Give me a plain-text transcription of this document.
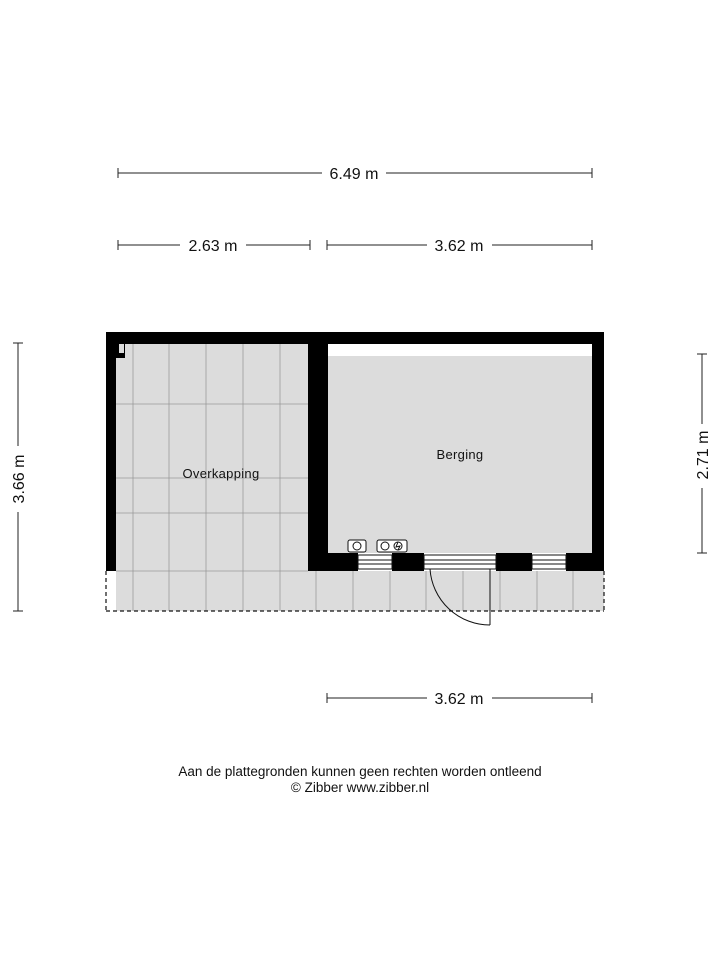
6.49 m
2.63 m	3.62 m
3.66 m	2.71 m
3.62 m
Overkapping
Berging
Aan de plattegronden kunnen geen rechten worden ontleend
© Zibber www.zibber.nl
